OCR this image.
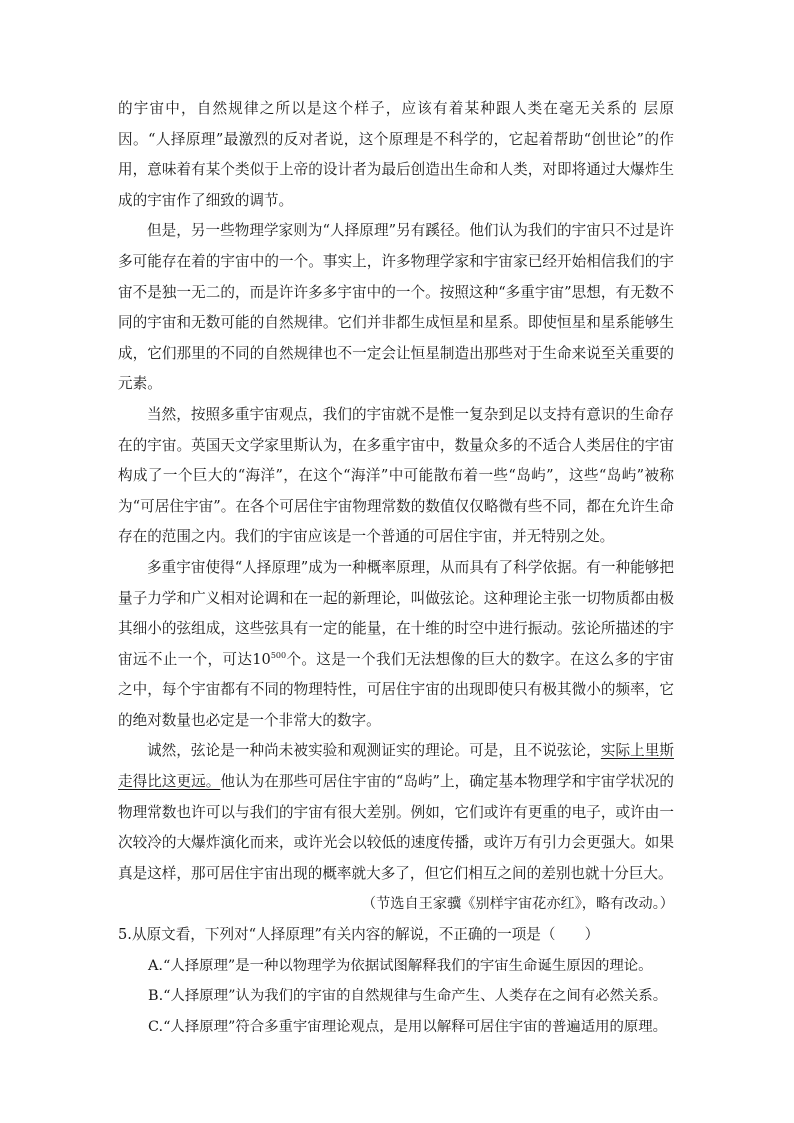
的宇宙中，自然规律之所以是这个样子，应该有着某种跟人类在毫无关系的 层原因。“人择原理”最激烈的反对者说，这个原理是不科学的，它起着帮助“创世论”的作用，意味着有某个类似于上帝的设计者为最后创造出生命和人类，对即将通过大爆炸生成的宇宙作了细致的调节。

但是，另一些物理学家则为“人择原理”另有蹊径。他们认为我们的宇宙只不过是许多可能存在着的宇宙中的一个。事实上，许多物理学家和宇宙家已经开始相信我们的宇宙不是独一无二的，而是许许多多宇宙中的一个。按照这种“多重宇宙”思想，有无数不同的宇宙和无数可能的自然规律。它们并非都生成恒星和星系。即使恒星和星系能够生成，它们那里的不同的自然规律也不一定会让恒星制造出那些对于生命来说至关重要的元素。

当然，按照多重宇宙观点，我们的宇宙就不是惟一复杂到足以支持有意识的生命存在的宇宙。英国天文学家里斯认为，在多重宇宙中，数量众多的不适合人类居住的宇宙构成了一个巨大的“海洋”，在这个“海洋”中可能散布着一些“岛屿”，这些“岛屿”被称为“可居住宇宙”。在各个可居住宇宙物理常数的数值仅仅略微有些不同，都在允许生命存在的范围之内。我们的宇宙应该是一个普通的可居住宇宙，并无特别之处。

多重宇宙使得“人择原理”成为一种概率原理，从而具有了科学依据。有一种能够把量子力学和广义相对论调和在一起的新理论，叫做弦论。这种理论主张一切物质都由极其细小的弦组成，这些弦具有一定的能量，在十维的时空中进行振动。弦论所描述的宇宙远不止一个，可达$10^{500}$个。这是一个我们无法想像的巨大的数字。在这么多的宇宙之中，每个宇宙都有不同的物理特性，可居住宇宙的出现即使只有极其微小的频率，它的绝对数量也必定是一个非常大的数字。

诚然，弦论是一种尚未被实验和观测证实的理论。可是，且不说弦论，实际上里斯走得比这更远。他认为在那些可居住宇宙的“岛屿”上，确定基本物理学和宇宙学状况的物理常数也许可以与我们的宇宙有很大差别。例如，它们或许有更重的电子，或许由一次较冷的大爆炸演化而来，或许光会以较低的速度传播，或许万有引力会更强大。如果真是这样，那可居住宇宙出现的概率就大多了，但它们相互之间的差别也就十分巨大。

（节选自王家骥《别样宇宙花亦红》，略有改动。）

5.从原文看，下列对“人择原理”有关内容的解说，不正确的一项是（　　）

A.“人择原理”是一种以物理学为依据试图解释我们的宇宙生命诞生原因的理论。

B.“人择原理”认为我们的宇宙的自然规律与生命产生、人类存在之间有必然关系。

C.“人择原理”符合多重宇宙理论观点，是用以解释可居住宇宙的普遍适用的原理。
